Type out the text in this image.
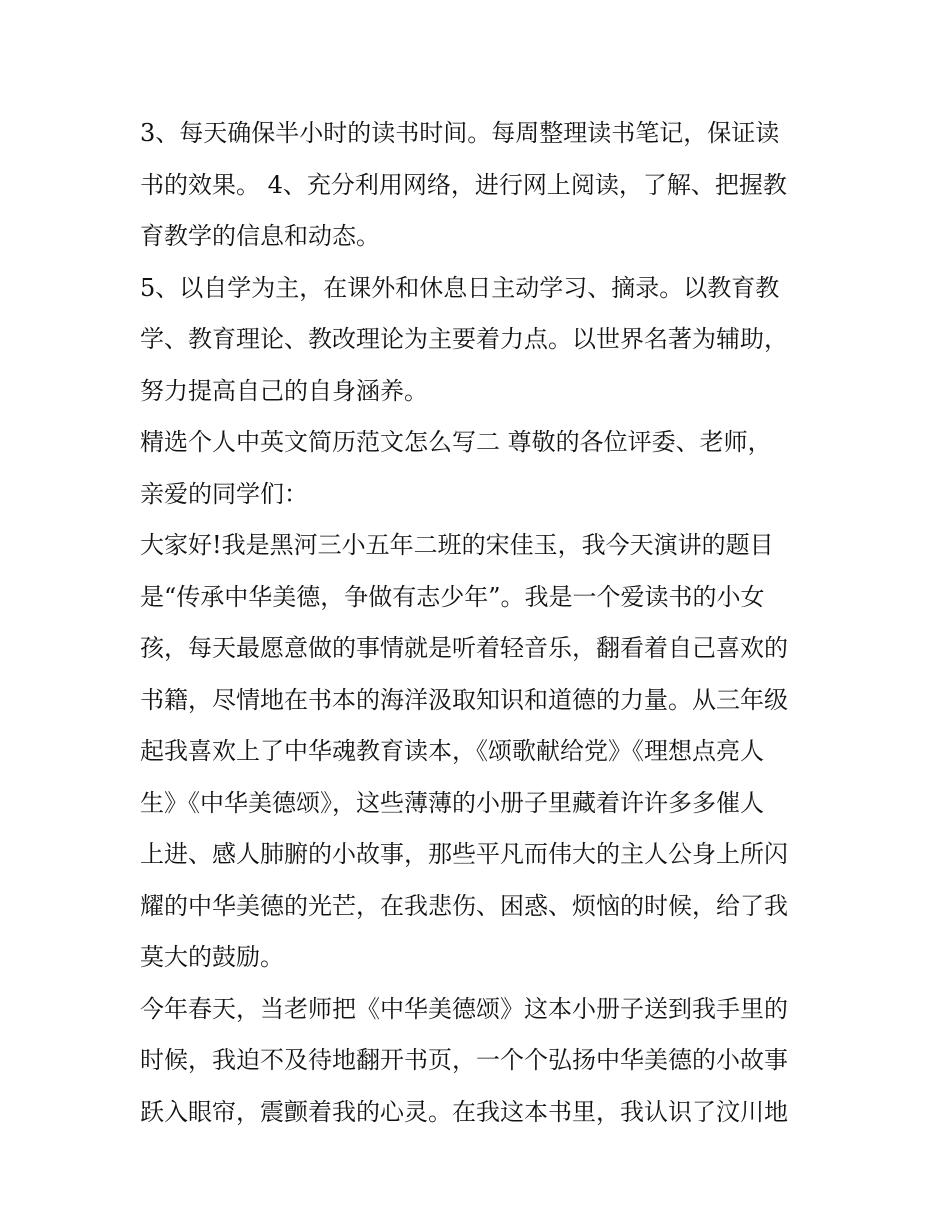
3、每天确保半小时的读书时间。每周整理读书笔记，保证读
书的效果。 4、充分利用网络，进行网上阅读，了解、把握教
育教学的信息和动态。
5、以自学为主，在课外和休息日主动学习、摘录。以教育教
学、教育理论、教改理论为主要着力点。以世界名著为辅助，
努力提高自己的自身涵养。
精选个人中英文简历范文怎么写二 尊敬的各位评委、老师，
亲爱的同学们：
大家好!我是黑河三小五年二班的宋佳玉，我今天演讲的题目
是“传承中华美德，争做有志少年”。我是一个爱读书的小女
孩，每天最愿意做的事情就是听着轻音乐，翻看着自己喜欢的
书籍，尽情地在书本的海洋汲取知识和道德的力量。从三年级
起我喜欢上了中华魂教育读本，《颂歌献给党》《理想点亮人
生》《中华美德颂》，这些薄薄的小册子里藏着许许多多催人
上进、感人肺腑的小故事，那些平凡而伟大的主人公身上所闪
耀的中华美德的光芒，在我悲伤、困惑、烦恼的时候，给了我
莫大的鼓励。
今年春天，当老师把《中华美德颂》这本小册子送到我手里的
时候，我迫不及待地翻开书页，一个个弘扬中华美德的小故事
跃入眼帘，震颤着我的心灵。在我这本书里，我认识了汶川地
